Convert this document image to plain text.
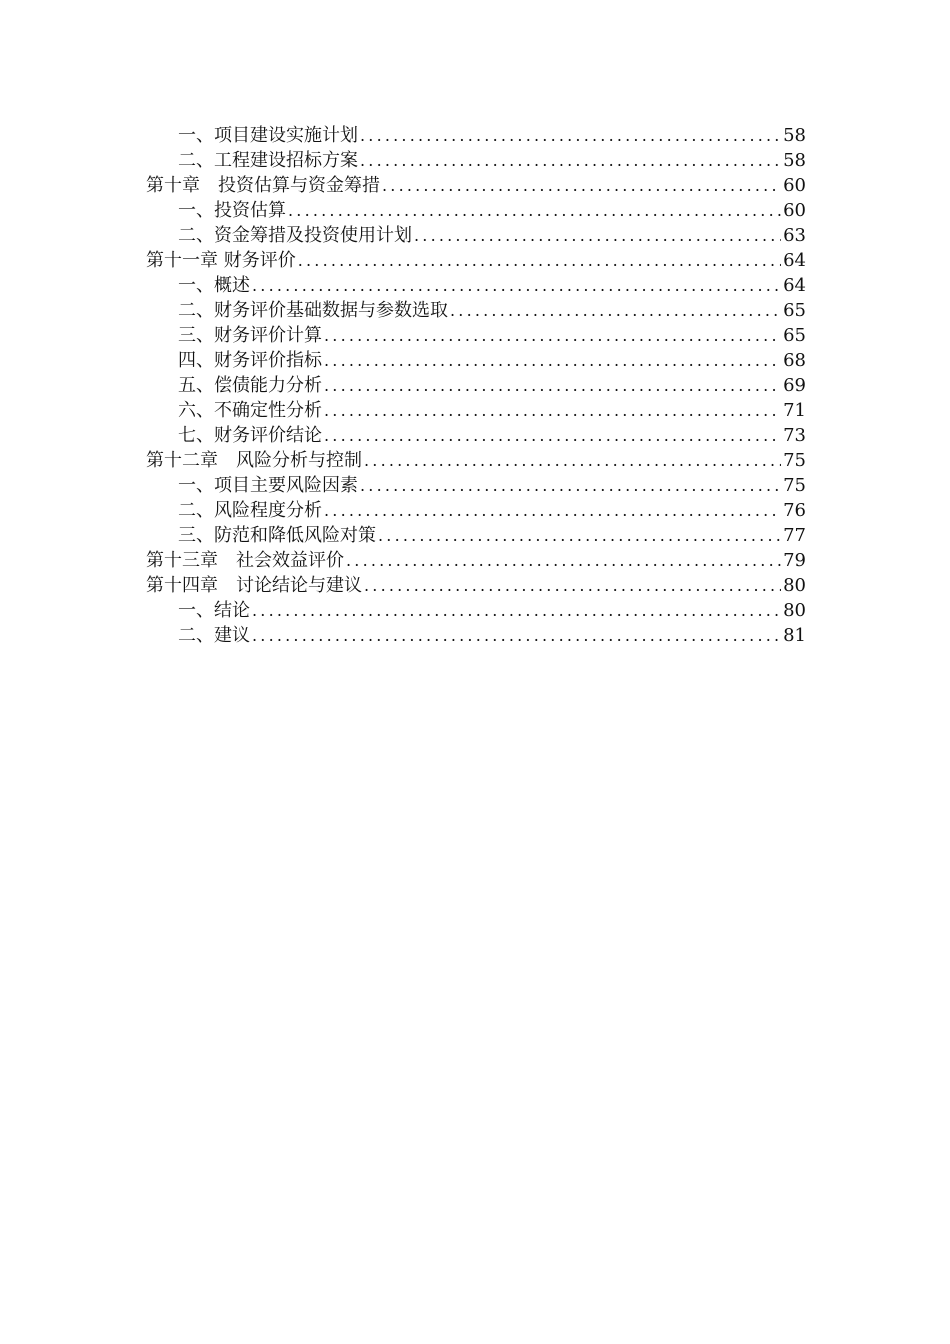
一、项目建设实施计划 .....	58
二、工程建设招标方案 .....	58
第十章　投资估算与资金筹措 .....	60
一、投资估算 .....	60
二、资金筹措及投资使用计划 .....	63
第十一章 财务评价 .....	64
一、概述 .....	64
二、财务评价基础数据与参数选取 .....	65
三、财务评价计算 .....	65
四、财务评价指标 .....	68
五、偿债能力分析 .....	69
六、不确定性分析 .....	71
七、财务评价结论 .....	73
第十二章　风险分析与控制 .....	75
一、项目主要风险因素 .....	75
二、风险程度分析 .....	76
三、防范和降低风险对策 .....	77
第十三章　社会效益评价 .....	79
第十四章　讨论结论与建议 .....	80
一、结论 .....	80
二、建议 .....	81
